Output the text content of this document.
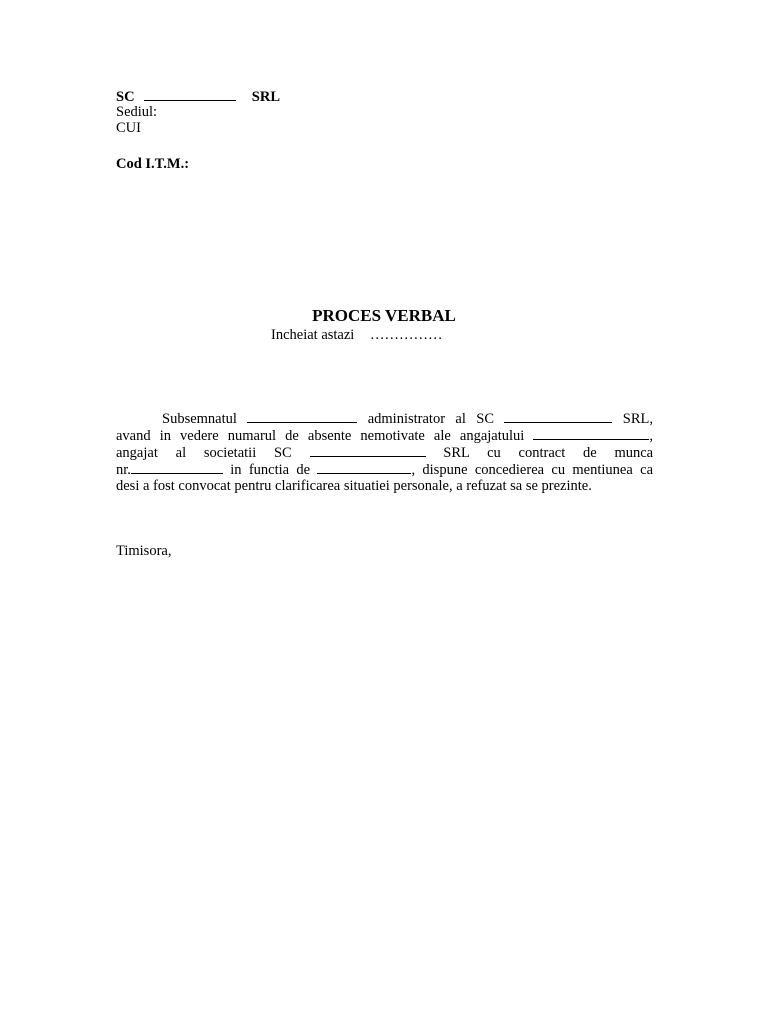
SC	SRL
Sediul:
CUI
Cod I.T.M.:
PROCES VERBAL
Incheiat astazi ……………
Subsemnatul	administrator al SC	SRL,
avand in vedere numarul de absente nemotivate ale angajatului	,
angajat al societatii SC	SRL cu contract de munca
nr.	in functia de	, dispune concedierea cu mentiunea ca
desi a fost convocat pentru clarificarea situatiei personale, a refuzat sa se prezinte.
Timisora,
